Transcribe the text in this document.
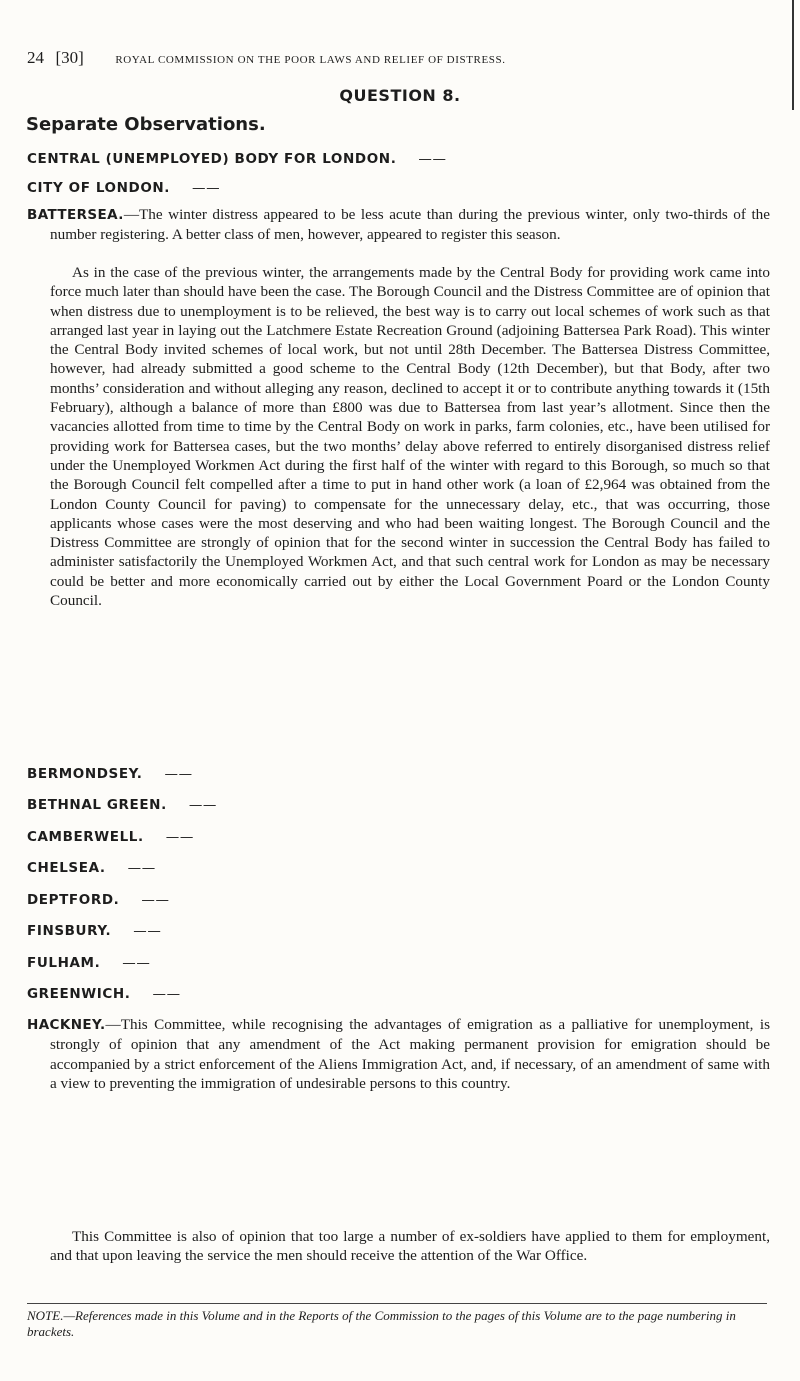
24 [30]	ROYAL COMMISSION ON THE POOR LAWS AND RELIEF OF DISTRESS.
QUESTION 8.
Separate Observations.
CENTRAL (UNEMPLOYED) BODY FOR LONDON. ——
CITY OF LONDON. ——
BATTERSEA.—The winter distress appeared to be less acute than during the previous winter, only two-thirds of the number registering. A better class of men, however, appeared to register this season.
As in the case of the previous winter, the arrangements made by the Central Body for providing work came into force much later than should have been the case. The Borough Council and the Distress Committee are of opinion that when distress due to unemployment is to be relieved, the best way is to carry out local schemes of work such as that arranged last year in laying out the Latchmere Estate Recreation Ground (adjoining Battersea Park Road). This winter the Central Body invited schemes of local work, but not until 28th December. The Battersea Distress Committee, however, had already submitted a good scheme to the Central Body (12th December), but that Body, after two months’ consideration and without alleging any reason, declined to accept it or to contribute anything towards it (15th February), although a balance of more than £800 was due to Battersea from last year’s allotment. Since then the vacancies allotted from time to time by the Central Body on work in parks, farm colonies, etc., have been utilised for providing work for Battersea cases, but the two months’ delay above referred to entirely disorganised distress relief under the Unemployed Workmen Act during the first half of the winter with regard to this Borough, so much so that the Borough Council felt compelled after a time to put in hand other work (a loan of £2,964 was obtained from the London County Council for paving) to compensate for the unnecessary delay, etc., that was occurring, those applicants whose cases were the most deserving and who had been waiting longest. The Borough Council and the Distress Committee are strongly of opinion that for the second winter in succession the Central Body has failed to administer satisfactorily the Unemployed Workmen Act, and that such central work for London as may be necessary could be better and more economically carried out by either the Local Government Poard or the London County Council.
BERMONDSEY. ——
BETHNAL GREEN. ——
CAMBERWELL. ——
CHELSEA. ——
DEPTFORD. ——
FINSBURY. ——
FULHAM. ——
GREENWICH. ——
HACKNEY.—This Committee, while recognising the advantages of emigration as a palliative for unemployment, is strongly of opinion that any amendment of the Act making permanent provision for emigration should be accompanied by a strict enforcement of the Aliens Immigration Act, and, if necessary, of an amendment of same with a view to preventing the immigration of undesirable persons to this country.
This Committee is also of opinion that too large a number of ex-soldiers have applied to them for employment, and that upon leaving the service the men should receive the attention of the War Office.
NOTE.—References made in this Volume and in the Reports of the Commission to the pages of this Volume are to the page numbering in brackets.
